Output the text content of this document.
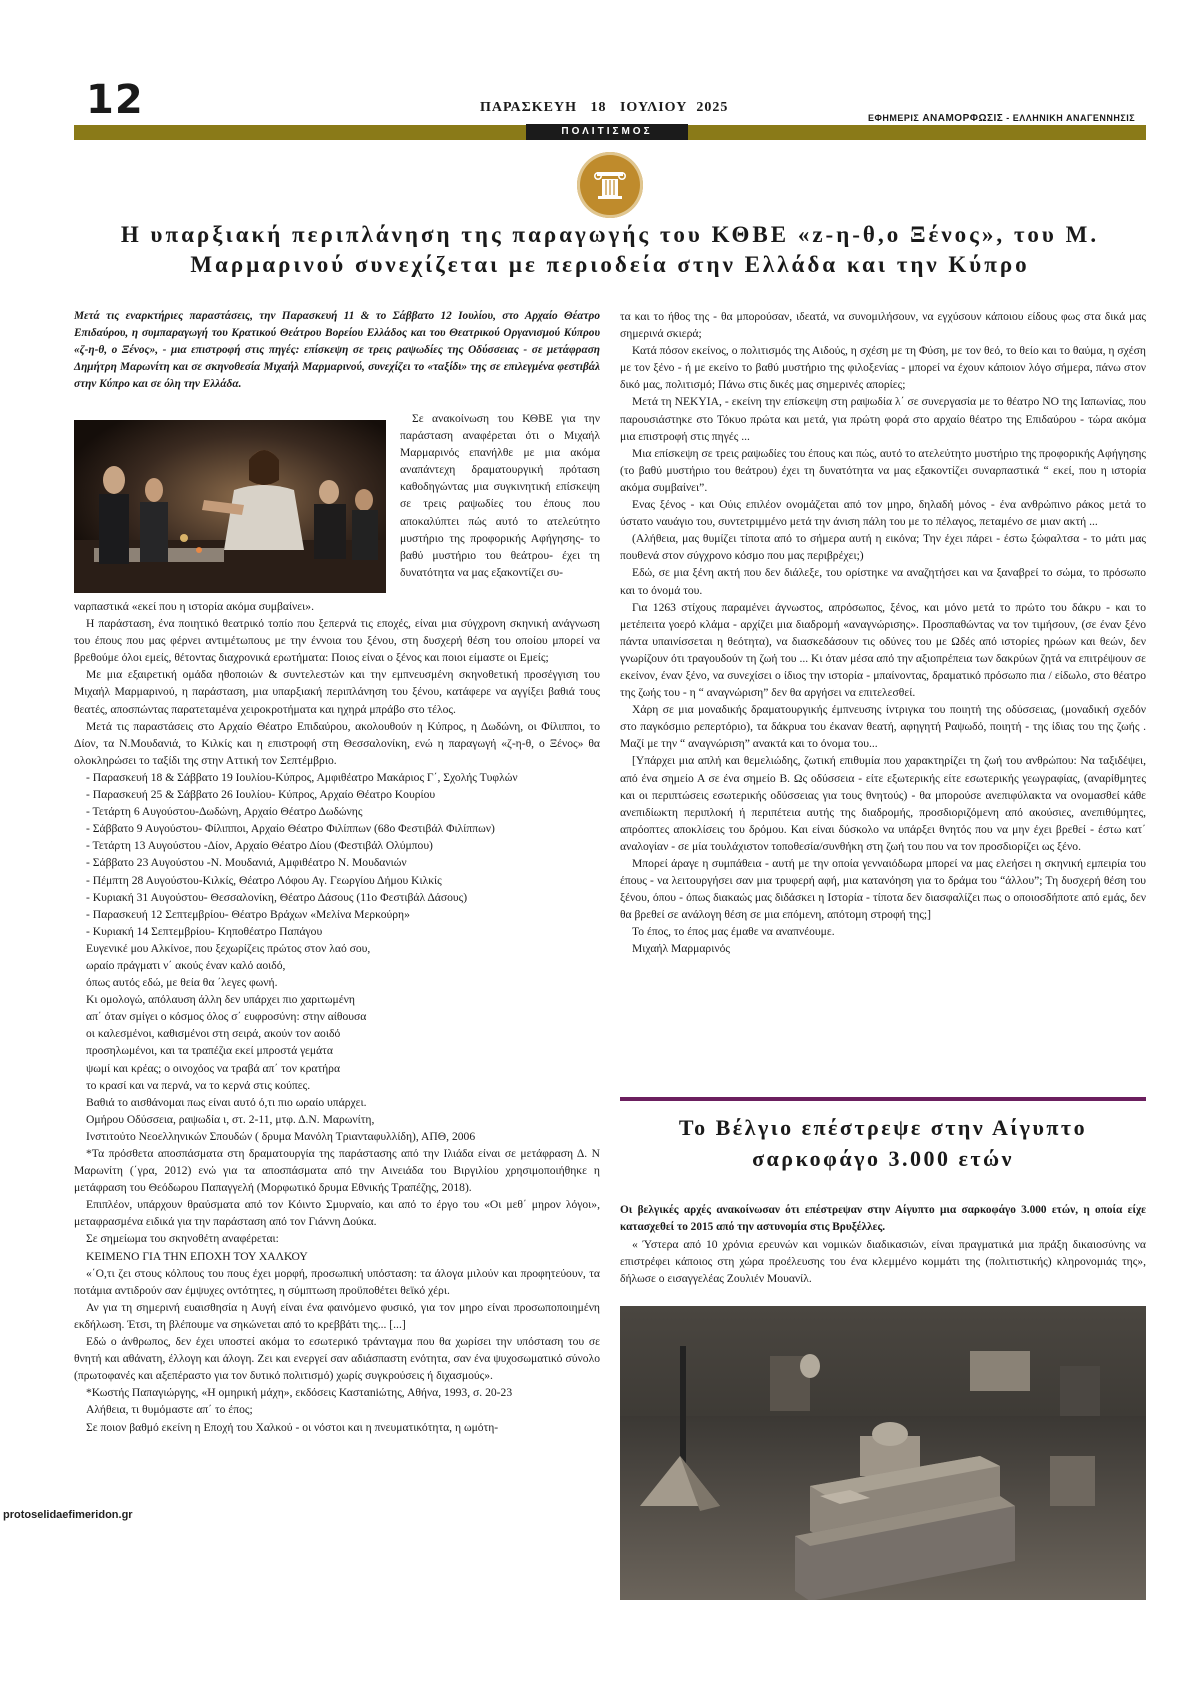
12	ΠΑΡΑΣΚΕΥΗ   18   ΙΟΥΛΙΟΥ  2025
ΕΦΗΜΕΡΙΣ ΑΝΑΜΟΡΦΩΣΙΣ - ΕΛΛΗΝΙΚΗ ΑΝΑΓΕΝΝΗΣΙΣ
ΠΟΛΙΤΙΣΜΟΣ
Η υπαρξιακή περιπλάνηση της παραγωγής του ΚΘΒΕ «z-η-θ,ο Ξένος», του Μ.
Μαρμαρινού συνεχίζεται με περιοδεία στην Ελλάδα και την Κύπρο
Μετά τις εναρκτήριες παραστάσεις, την Παρασκευή 11 & το Σάββατο 12 Ιουλίου, στο Αρχαίο Θέατρο Επιδαύρου, η συμπαραγωγή του Κρατικού Θεάτρου Βορείου Ελλάδος και του Θεατρικού Οργανισμού Κύπρου «ζ-η-θ, ο Ξένος», - μια επιστροφή στις πηγές: επίσκεψη σε τρεις ραψωδίες της Οδύσσειας - σε μετάφραση Δημήτρη Μαρωνίτη και σε σκηνοθεσία Μιχαήλ Μαρμαρινού, συνεχίζει το «ταξίδι» της σε επιλεγμένα φεστιβάλ στην Κύπρο και σε όλη την Ελλάδα.

Σε ανακοίνωση του ΚΘΒΕ για την παράσταση αναφέρεται ότι ο Μιχαήλ Μαρμαρινός επανήλθε με μια ακόμα αναπάντεχη δραματουργική πρόταση καθοδηγώντας μια συγκινητική επίσκεψη σε τρεις ραψωδίες του έπους που αποκαλύπτει πώς αυτό το ατελεύτητο μυστήριο της προφορικής Αφήγησης- το βαθύ μυστήριο του θεάτρου- έχει τη δυνατότητα να μας εξακοντίζει συ-

ναρπαστικά «εκεί που η ιστορία ακόμα συμβαίνει».

Η παράσταση, ένα ποιητικό θεατρικό τοπίο που ξεπερνά τις εποχές, είναι μια σύγχρονη σκηνική ανάγνωση του έπους που μας φέρνει αντιμέτωπους με την έννοια του ξένου, στη δυσχερή θέση του οποίου μπορεί να βρεθούμε όλοι εμείς, θέτοντας διαχρονικά ερωτήματα: Ποιος είναι ο ξένος και ποιοι είμαστε οι Εμείς;

Με μια εξαιρετική ομάδα ηθοποιών & συντελεστών και την εμπνευσμένη σκηνοθετική προσέγγιση του Μιχαήλ Μαρμαρινού, η παράσταση, μια υπαρξιακή περιπλάνηση του ξένου, κατάφερε να αγγίξει βαθιά τους θεατές, αποσπώντας παρατεταμένα χειροκροτήματα και ηχηρά μπράβο στο τέλος.

Μετά τις παραστάσεις στο Αρχαίο Θέατρο Επιδαύρου, ακολουθούν η Κύπρος, η Δωδώνη, οι Φίλιπποι, το Δίον, τα Ν.Μουδανιά, το Κιλκίς και η επιστροφή στη Θεσσαλονίκη, ενώ η παραγωγή «ζ-η-θ, ο Ξένος» θα ολοκληρώσει το ταξίδι της στην Αττική τον Σεπτέμβριο.

- Παρασκευή 18 & Σάββατο 19 Ιουλίου-Κύπρος, Αμφιθέατρο Μακάριος Γ΄, Σχολής Τυφλών

- Παρασκευή 25 & Σάββατο 26 Ιουλίου- Κύπρος, Αρχαίο Θέατρο Κουρίου

- Τετάρτη 6 Αυγούστου-Δωδώνη, Αρχαίο Θέατρο Δωδώνης

- Σάββατο 9 Αυγούστου- Φίλιπποι, Αρχαίο Θέατρο Φιλίππων (68ο Φεστιβάλ Φιλίππων)

- Τετάρτη 13 Αυγούστου -Δίον, Αρχαίο Θέατρο Δίου (Φεστιβάλ Ολύμπου)

- Σάββατο 23 Αυγούστου -Ν. Μουδανιά, Αμφιθέατρο Ν. Μουδανιών

- Πέμπτη 28 Αυγούστου-Κιλκίς, Θέατρο Λόφου Αγ. Γεωργίου Δήμου Κιλκίς

- Κυριακή 31 Αυγούστου- Θεσσαλονίκη, Θέατρο Δάσους (11ο Φεστιβάλ Δάσους)

- Παρασκευή 12 Σεπτεμβρίου- Θέατρο Βράχων «Μελίνα Μερκούρη»

- Κυριακή 14 Σεπτεμβρίου- Κηποθέατρο Παπάγου

Ευγενικέ μου Αλκίνοε, που ξεχωρίζεις πρώτος στον λαό σου,

ωραίο πράγματι ν΄ ακούς έναν καλό αοιδό,

όπως αυτός εδώ, με θεία θα ΄λεγες φωνή.

Κι ομολογώ, απόλαυση άλλη δεν υπάρχει πιο χαριτωμένη

απ΄ όταν σμίγει ο κόσμος όλος σ΄ ευφροσύνη: στην αίθουσα

οι καλεσμένοι, καθισμένοι στη σειρά, ακούν τον αοιδό

προσηλωμένοι, και τα τραπέζια εκεί μπροστά γεμάτα

ψωμί και κρέας; ο οινοχόος να τραβά απ΄ τον κρατήρα

το κρασί και να περνά, να το κερνά στις κούπες.

Βαθιά το αισθάνομαι πως είναι αυτό ό,τι πιο ωραίο υπάρχει.

Ομήρου Οδύσσεια, ραψωδία ι, στ. 2-11, μτφ. Δ.Ν. Μαρωνίτη,

Ινστιτούτο Νεοελληνικών Σπουδών ( δρυμα Μανόλη Τριανταφυλλίδη), ΑΠΘ, 2006

*Τα πρόσθετα αποσπάσματα στη δραματουργία της παράστασης από την Ιλιάδα είναι σε μετάφραση Δ. Ν Μαρωνίτη (΄γρα, 2012) ενώ για τα αποσπάσματα από την Αινειάδα του Βιργιλίου χρησιμοποιήθηκε η μετάφραση του Θεόδωρου Παπαγγελή (Μορφωτικό δρυμα Εθνικής Τραπέζης, 2018).

Επιπλέον, υπάρχουν θραύσματα από τον Κόιντο Σμυρναίο, και από το έργο του «Οι μεθ΄ μηρον λόγοι», μεταφρασμένα ειδικά για την παράσταση από τον Γιάννη Δούκα.

Σε σημείωμα του σκηνοθέτη αναφέρεται:

ΚΕΙΜΕΝΟ ΓΙΑ ΤΗΝ ΕΠΟΧΗ ΤΟΥ ΧΑΛΚΟΥ

«΄Ο,τι ζει στους κόλπους του πους έχει μορφή, προσωπική υπόσταση: τα άλογα μιλούν και προφητεύουν, τα ποτάμια αντιδρούν σαν έμψυχες οντότητες, η σύμπτωση προϋποθέτει θεϊκό χέρι.

Αν για τη σημερινή ευαισθησία η Αυγή είναι ένα φαινόμενο φυσικό, για τον μηρο είναι προσωποποιημένη εκδήλωση. Έτσι, τη βλέπουμε να σηκώνεται από το κρεββάτι της... [...]

Εδώ ο άνθρωπος, δεν έχει υποστεί ακόμα το εσωτερικό τράνταγμα που θα χωρίσει την υπόσταση του σε θνητή και αθάνατη, έλλογη και άλογη. Ζει και ενεργεί σαν αδιάσπαστη ενότητα, σαν ένα ψυχοσωματικό σύνολο (πρωτοφανές και αξεπέραστο για τον δυτικό πολιτισμό) χωρίς συγκρούσεις ή διχασμούς».

*Κωστής Παπαγιώργης, «Η ομηρική μάχη», εκδόσεις Κασταniώτης, Αθήνα, 1993, σ. 20-23

Αλήθεια, τι θυμόμαστε απ΄ το έπος;

Σε ποιον βαθμό εκείνη η Εποχή του Χαλκού - οι νόστοι και η πνευματικότητα, η ωμότη-

τα και το ήθος της - θα μπορούσαν, ιδεατά, να συνομιλήσουν, να εγχύσουν κάποιου είδους φως στα δικά μας σημερινά σκιερά;

Κατά πόσον εκείνος, ο πολιτισμός της Αιδούς, η σχέση με τη Φύση, με τον θεό, το θείο και το θαύμα, η σχέση με τον ξένο - ή με εκείνο το βαθύ μυστήριο της φιλοξενίας - μπορεί να έχουν κάποιον λόγο σήμερα, πάνω στον δικό μας, πολιτισμό; Πάνω στις δικές μας σημερινές απορίες;

Μετά τη ΝΕΚΥΙΑ, - εκείνη την επίσκεψη στη ραψωδία λ΄ σε συνεργασία με το θέατρο ΝΟ της Ιαπωνίας, που παρουσιάστηκε στο Τόκυο πρώτα και μετά, για πρώτη φορά στο αρχαίο θέατρο της Επιδαύρου - τώρα ακόμα μια επιστροφή στις πηγές ...

Μια επίσκεψη σε τρεις ραψωδίες του έπους και πώς, αυτό το ατελεύτητο μυστήριο της προφορικής Αφήγησης (το βαθύ μυστήριο του θεάτρου) έχει τη δυνατότητα να μας εξακοντίζει συναρπαστικά “ εκεί, που η ιστορία ακόμα συμβαίνει”.

Ενας ξένος - και Ούις επιλέον ονομάζεται από τον μηρο, δηλαδή μόνος - ένα ανθρώπινο ράκος μετά το ύστατο ναυάγιο του, συντετριμμένο μετά την άνιση πάλη του με το πέλαγος, πεταμένο σε μιαν ακτή ...

(Αλήθεια, μας θυμίζει τίποτα από το σήμερα αυτή η εικόνα; Την έχει πάρει - έστω ξώφαλτσα - το μάτι μας πουθενά στον σύγχρονο κόσμο που μας περιβρέχει;)

Εδώ, σε μια ξένη ακτή που δεν διάλεξε, του ορίστηκε να αναζητήσει και να ξαναβρεί το σώμα, το πρόσωπο και το όνομά του.

Για 1263 στίχους παραμένει άγνωστος, απρόσωπος, ξένος, και μόνο μετά το πρώτο του δάκρυ - και το μετέπειτα γοερό κλάμα - αρχίζει μια διαδρομή «αναγνώρισης». Προσπαθώντας να τον τιμήσουν, (σε έναν ξένο πάντα υπαινίσσεται η θεότητα), να διασκεδάσουν τις οδύνες του με Ωδές από ιστορίες ηρώων και θεών, δεν γνωρίζουν ότι τραγουδούν τη ζωή του ... Κι όταν μέσα από την αξιοπρέπεια των δακρύων ζητά να επιτρέψουν σε εκείνον, έναν ξένο, να συνεχίσει ο ίδιος την ιστορία - μπαίνοντας, δραματικό πρόσωπο πια / είδωλο, στο θέατρο της ζωής του - η “ αναγνώριση” δεν θα αργήσει να επιτελεσθεί.

Χάρη σε μια μοναδικής δραματουργικής έμπνευσης ίντριγκα του ποιητή της οδύσσειας, (μοναδική σχεδόν στο παγκόσμιο ρεπερτόριο), τα δάκρυα του έκαναν θεατή, αφηγητή Ραψωδό, ποιητή - της ίδιας του της ζωής . Μαζί με την “ αναγνώριση” ανακτά και το όνομα του...

[Υπάρχει μια απλή και θεμελιώδης, ζωτική επιθυμία που χαρακτηρίζει τη ζωή του ανθρώπου: Να ταξιδέψει, από ένα σημείο Α σε ένα σημείο Β. Ως οδύσσεια - είτε εξωτερικής είτε εσωτερικής γεωγραφίας, (αναρίθμητες και οι περιπτώσεις εσωτερικής οδύσσειας για τους θνητούς) - θα μπορούσε ανεπιφύλακτα να ονομασθεί κάθε ανεπιδίωκτη περιπλοκή ή περιπέτεια αυτής της διαδρομής, προσδιοριζόμενη από ακούσιες, ανεπιθύμητες, απρόοπτες αποκλίσεις του δρόμου. Και είναι δύσκολο να υπάρξει θνητός που να μην έχει βρεθεί - έστω κατ΄ αναλογίαν - σε μία τουλάχιστον τοποθεσία/συνθήκη στη ζωή του που να τον προσδιορίζει ως ξένο.

Μπορεί άραγε η συμπάθεια - αυτή με την οποία γενναιόδωρα μπορεί να μας ελεήσει η σκηνική εμπειρία του έπους - να λειτουργήσει σαν μια τρυφερή αφή, μια κατανόηση για το δράμα του “άλλου”; Τη δυσχερή θέση του ξένου, όπου - όπως διακαώς μας διδάσκει η Ιστορία - τίποτα δεν διασφαλίζει πως ο οποιοσδήποτε από εμάς, δεν θα βρεθεί σε ανάλογη θέση σε μια επόμενη, απότομη στροφή της;]

Το έπος, το έπος μας έμαθε να αναπνέουμε.

Μιχαήλ Μαρμαρινός

Το Βέλγιο επέστρεψε στην Αίγυπτο
σαρκοφάγο 3.000 ετών
Οι βελγικές αρχές ανακοίνωσαν ότι επέστρεψαν στην Αίγυπτο μια σαρκοφάγο 3.000 ετών, η οποία είχε κατασχεθεί το 2015 από την αστυνομία στις Βρυξέλλες.

« Ύστερα από 10 χρόνια ερευνών και νομικών διαδικασιών, είναι πραγματικά μια πράξη δικαιοσύνης να επιστρέφει κάποιος στη χώρα προέλευσης του ένα κλεμμένο κομμάτι της (πολιτιστικής) κληρονομιάς της», δήλωσε ο εισαγγελέας Ζουλιέν Μουανίλ.

protoselidaefimeridon.gr
